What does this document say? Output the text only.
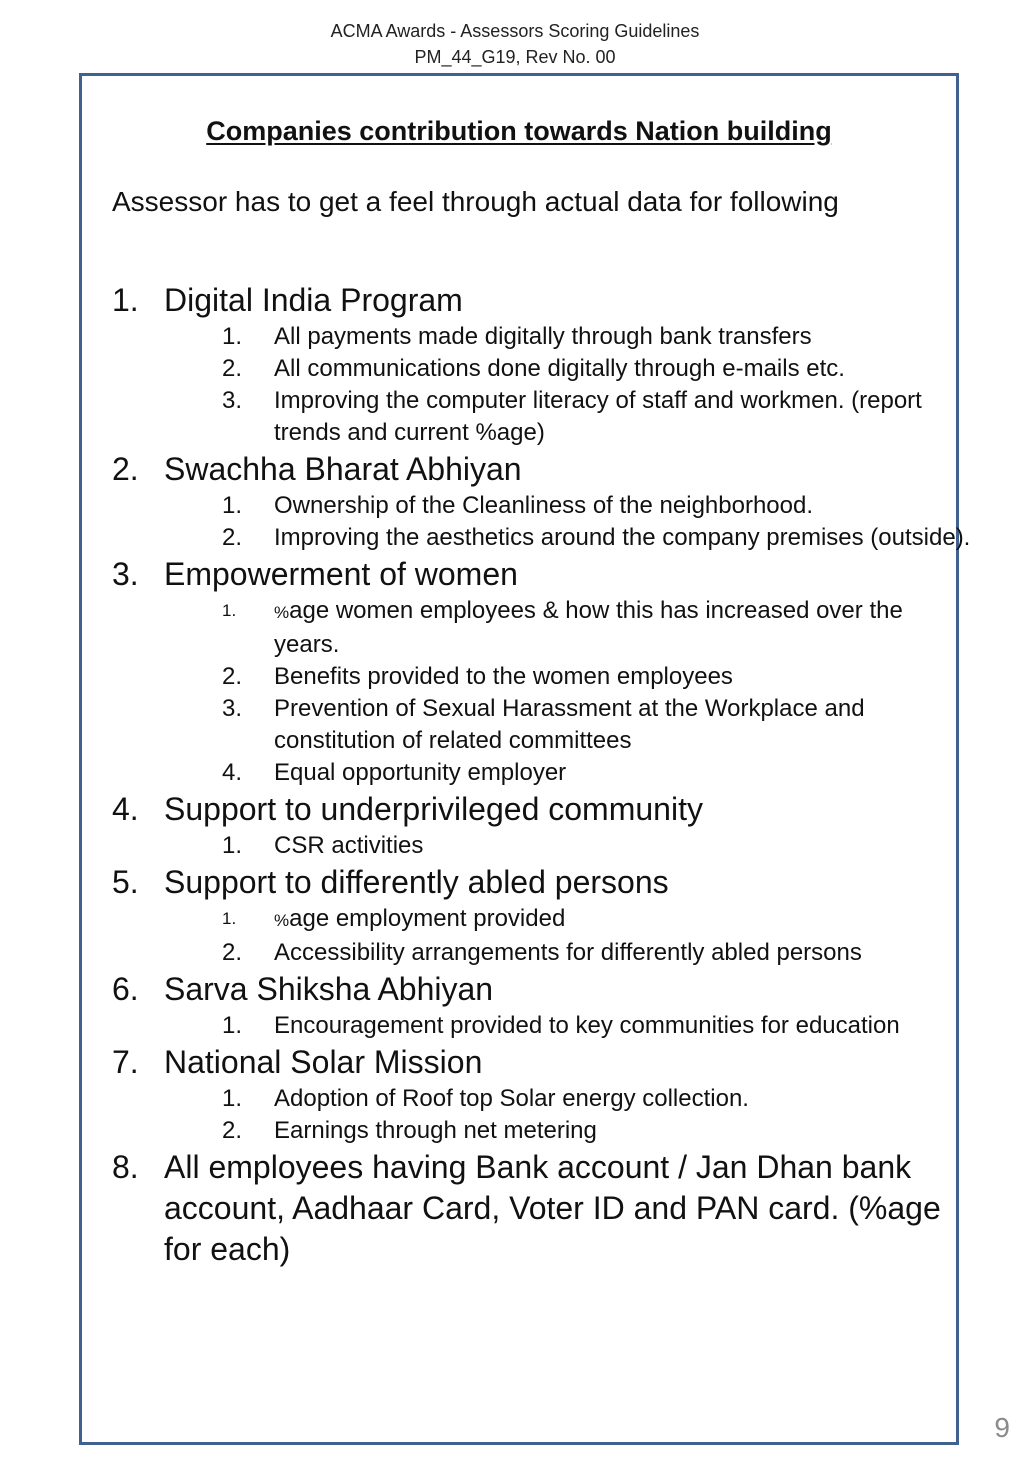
ACMA Awards - Assessors Scoring Guidelines
PM_44_G19, Rev No. 00
Companies contribution towards Nation building

Assessor has to get a feel through actual data for following

1. Digital India Program
1. All payments made digitally through bank transfers
2. All communications done digitally through e-mails etc.
3. Improving the computer literacy of staff and workmen. (report trends and current %age)
2. Swachha Bharat Abhiyan
1. Ownership of the Cleanliness of the neighborhood.
2. Improving the aesthetics around the company premises (outside).
3. Empowerment of women
1. %age women employees & how this has increased over the years.
2. Benefits provided to the women employees
3. Prevention of Sexual Harassment at the Workplace and constitution of related committees
4. Equal opportunity employer
4. Support to underprivileged community
1. CSR activities
5. Support to differently abled persons
1. %age employment provided
2. Accessibility arrangements for differently abled persons
6. Sarva Shiksha Abhiyan
1. Encouragement provided to key communities for education
7. National Solar Mission
1. Adoption of Roof top Solar energy collection.
2. Earnings through net metering
8. All employees having Bank account / Jan Dhan bank account, Aadhaar Card, Voter ID and PAN card. (%age for each)
9
